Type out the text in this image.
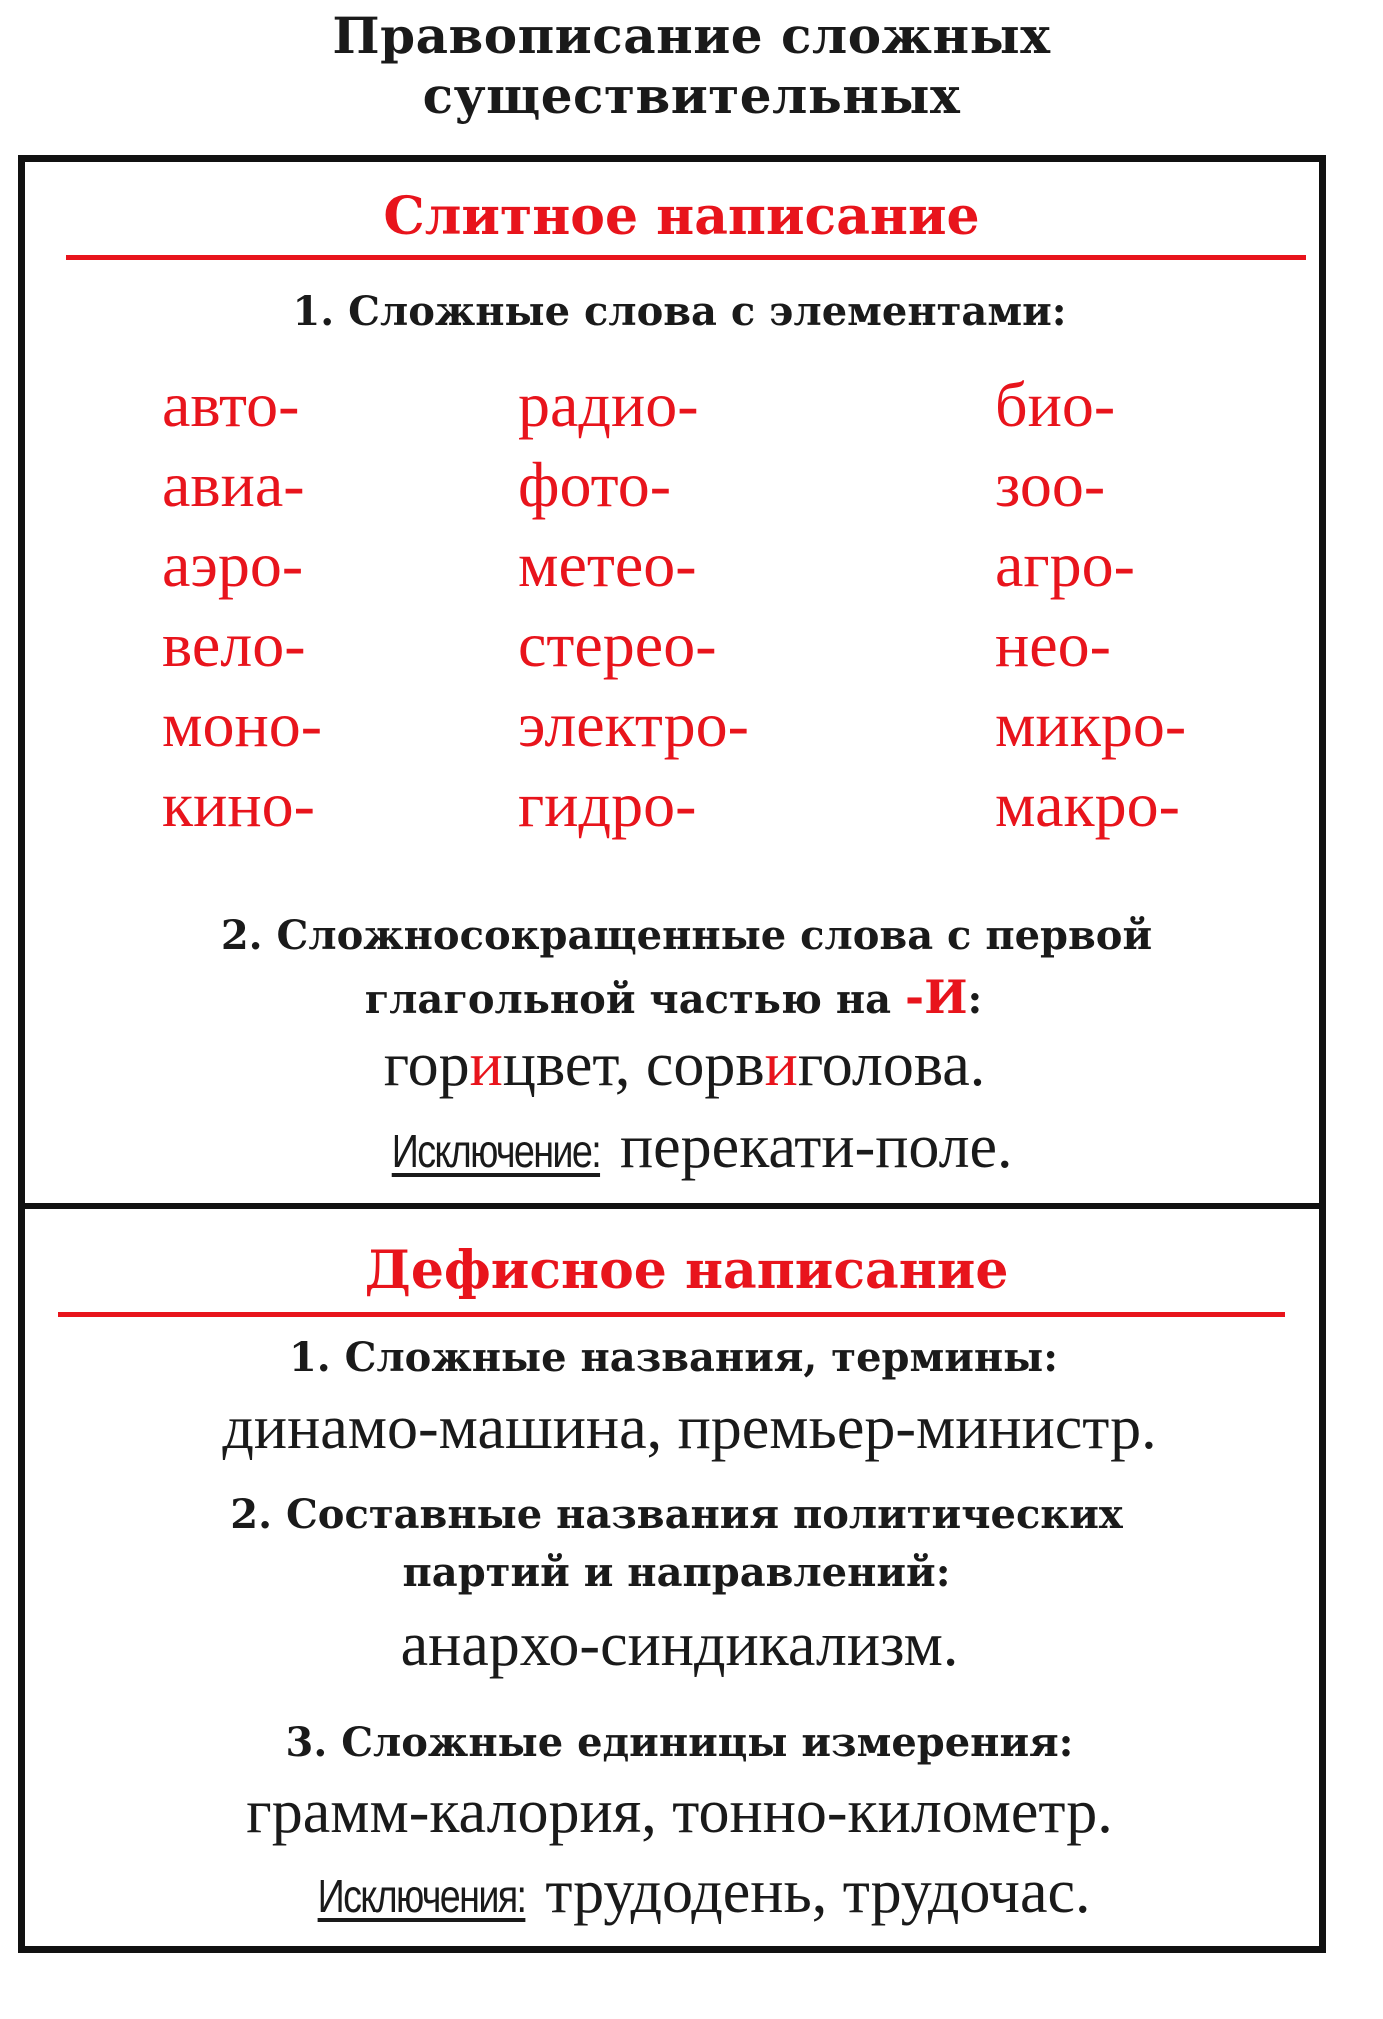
Правописание сложных
существительных
Слитное написание
1. Сложные слова с элементами:
авто-
авиа-
аэро-
вело-
моно-
кино-
радио-
фото-
метео-
стерео-
электро-
гидро-
био-
зоо-
агро-
нео-
микро-
макро-
2. Сложносокращенные слова с первой
глагольной частью на -И:
горицвет, сорвиголова.
Исключение: перекати-поле.
Дефисное написание
1. Сложные названия, термины:
динамо-машина, премьер-министр.
2. Составные названия политических
партий и направлений:
анархо-синдикализм.
3. Сложные единицы измерения:
грамм-калория, тонно-километр.
Исключения: трудодень, трудочас.
